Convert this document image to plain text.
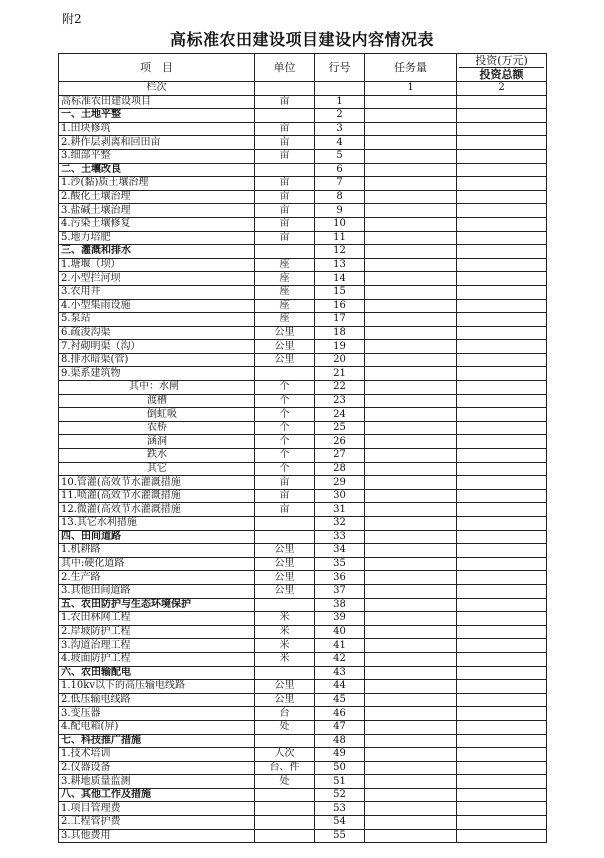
附2
高标准农田建设项目建设内容情况表
项　目	单位	行号	任务量	投资(万元)
投资总额

栏次			1	2
高标准农田建设项目	亩	1		
一、土地平整		2		
1.田块修筑	亩	3		
2.耕作层剥离和回田亩	亩	4		
3.细部平整	亩	5		
二、土壤改良		6		
1.沙(黏)质土壤治理	亩	7		
2.酸化土壤治理	亩	8		
3.盐碱土壤治理	亩	9		
4.污染土壤修复	亩	10		
5.地力培肥	亩	11		
三、灌溉和排水		12		
1.塘堰（坝）	座	13		
2.小型拦河坝	座	14		
3.农用井	座	15		
4.小型集雨设施	座	16		
5.泵站	座	17		
6.疏浚沟渠	公里	18		
7.衬砌明渠（沟）	公里	19		
8.排水暗渠(管)	公里	20		
9.渠系建筑物		21		
其中：水闸	个	22		
渡槽	个	23		
倒虹吸	个	24		
农桥	个	25		
涵洞	个	26		
跌水	个	27		
其它	个	28		
10.管灌(高效节水灌溉措施	亩	29		
11.喷灌(高效节水灌溉措施	亩	30		
12.微灌(高效节水灌溉措施	亩	31		
13.其它水利措施		32		
四、田间道路		33		
1.机耕路	公里	34		
其中:硬化道路	公里	35		
2.生产路	公里	36		
3.其他田间道路	公里	37		
五、农田防护与生态环境保护		38		
1.农田林网工程	米	39		
2.岸坡防护工程	米	40		
3.沟道治理工程	米	41		
4.坡面防护工程	米	42		
六、农田输配电		43		
1.10kv以下的高压输电线路	公里	44		
2.低压输电线路	公里	45		
3.变压器	台	46		
4.配电箱(屏)	处	47		
七、科技推广措施		48		
1.技术培训	人次	49		
2.仪器设备	台、件	50		
3.耕地质量监测	处	51		
八、其他工作及措施		52		
1.项目管理费		53		
2.工程管护费		54		
3.其他费用		55		
